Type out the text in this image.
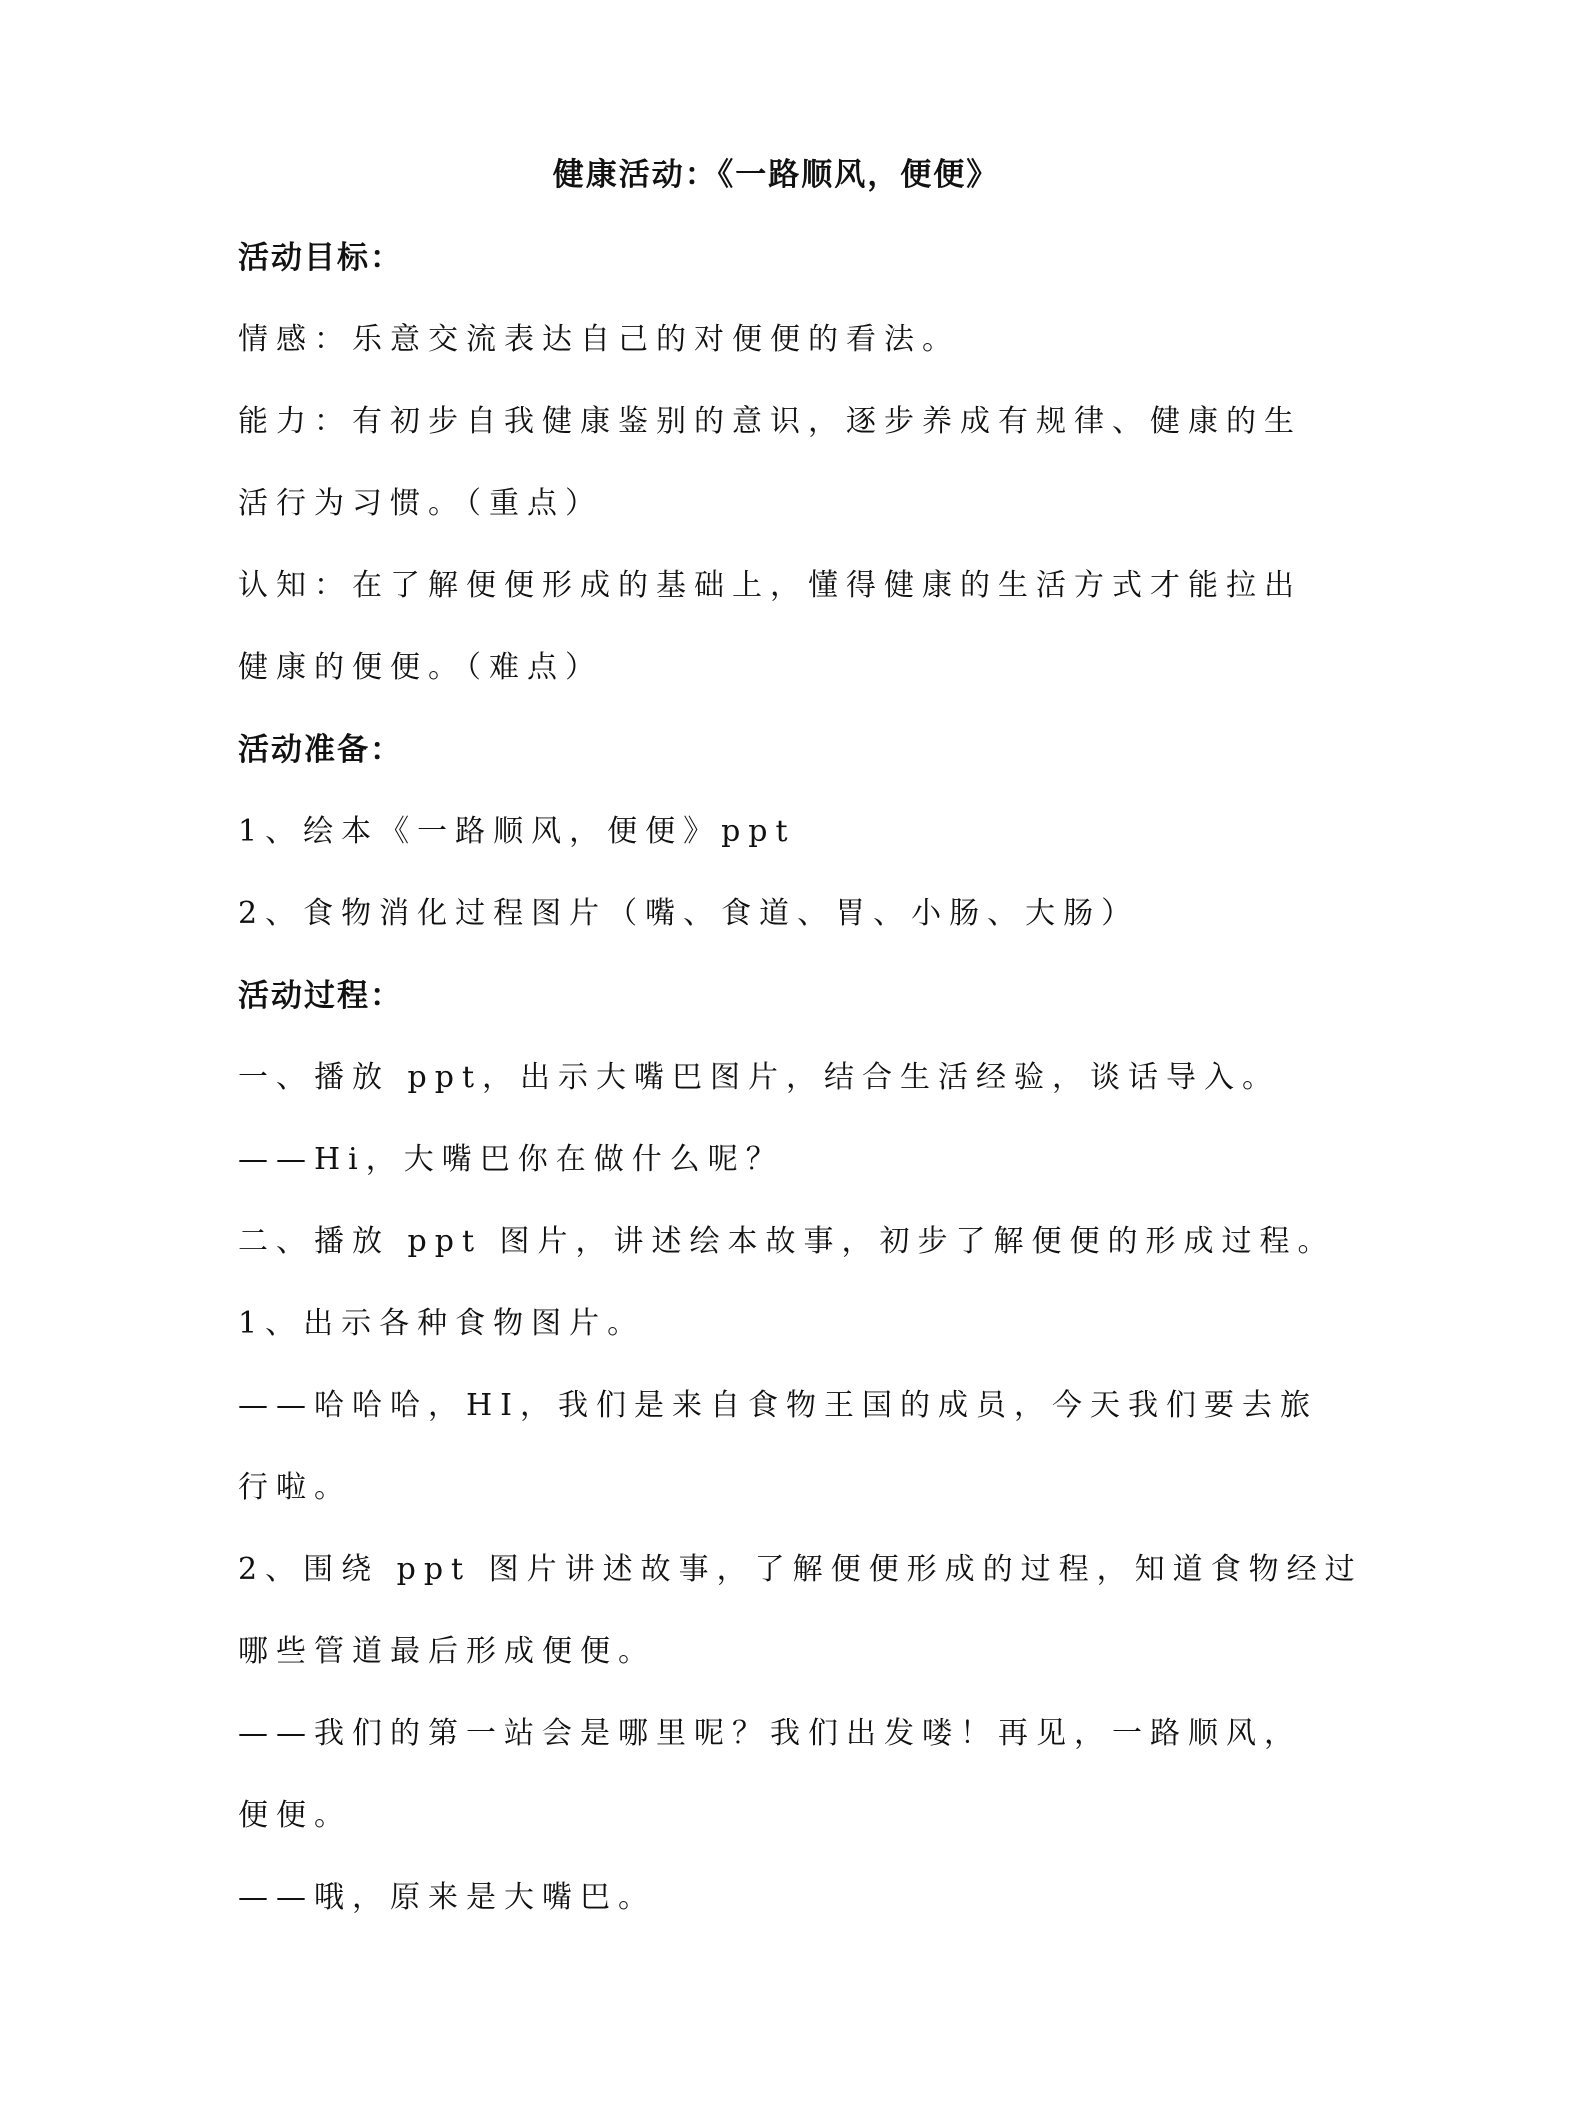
健康活动：《一路顺风，便便》
活动目标：
情感：乐意交流表达自己的对便便的看法。
能力：有初步自我健康鉴别的意识，逐步养成有规律、健康的生
活行为习惯。（重点）
认知：在了解便便形成的基础上，懂得健康的生活方式才能拉出
健康的便便。（难点）
活动准备：
1、绘本《一路顺风，便便》ppt
2、食物消化过程图片（嘴、食道、胃、小肠、大肠）
活动过程：
一、播放 ppt，出示大嘴巴图片，结合生活经验，谈话导入。
——Hi，大嘴巴你在做什么呢？
二、播放 ppt 图片，讲述绘本故事，初步了解便便的形成过程。
1、出示各种食物图片。
——哈哈哈，HI，我们是来自食物王国的成员，今天我们要去旅
行啦。
2、围绕 ppt 图片讲述故事，了解便便形成的过程，知道食物经过
哪些管道最后形成便便。
——我们的第一站会是哪里呢？我们出发喽！再见，一路顺风，
便便。
——哦，原来是大嘴巴。
